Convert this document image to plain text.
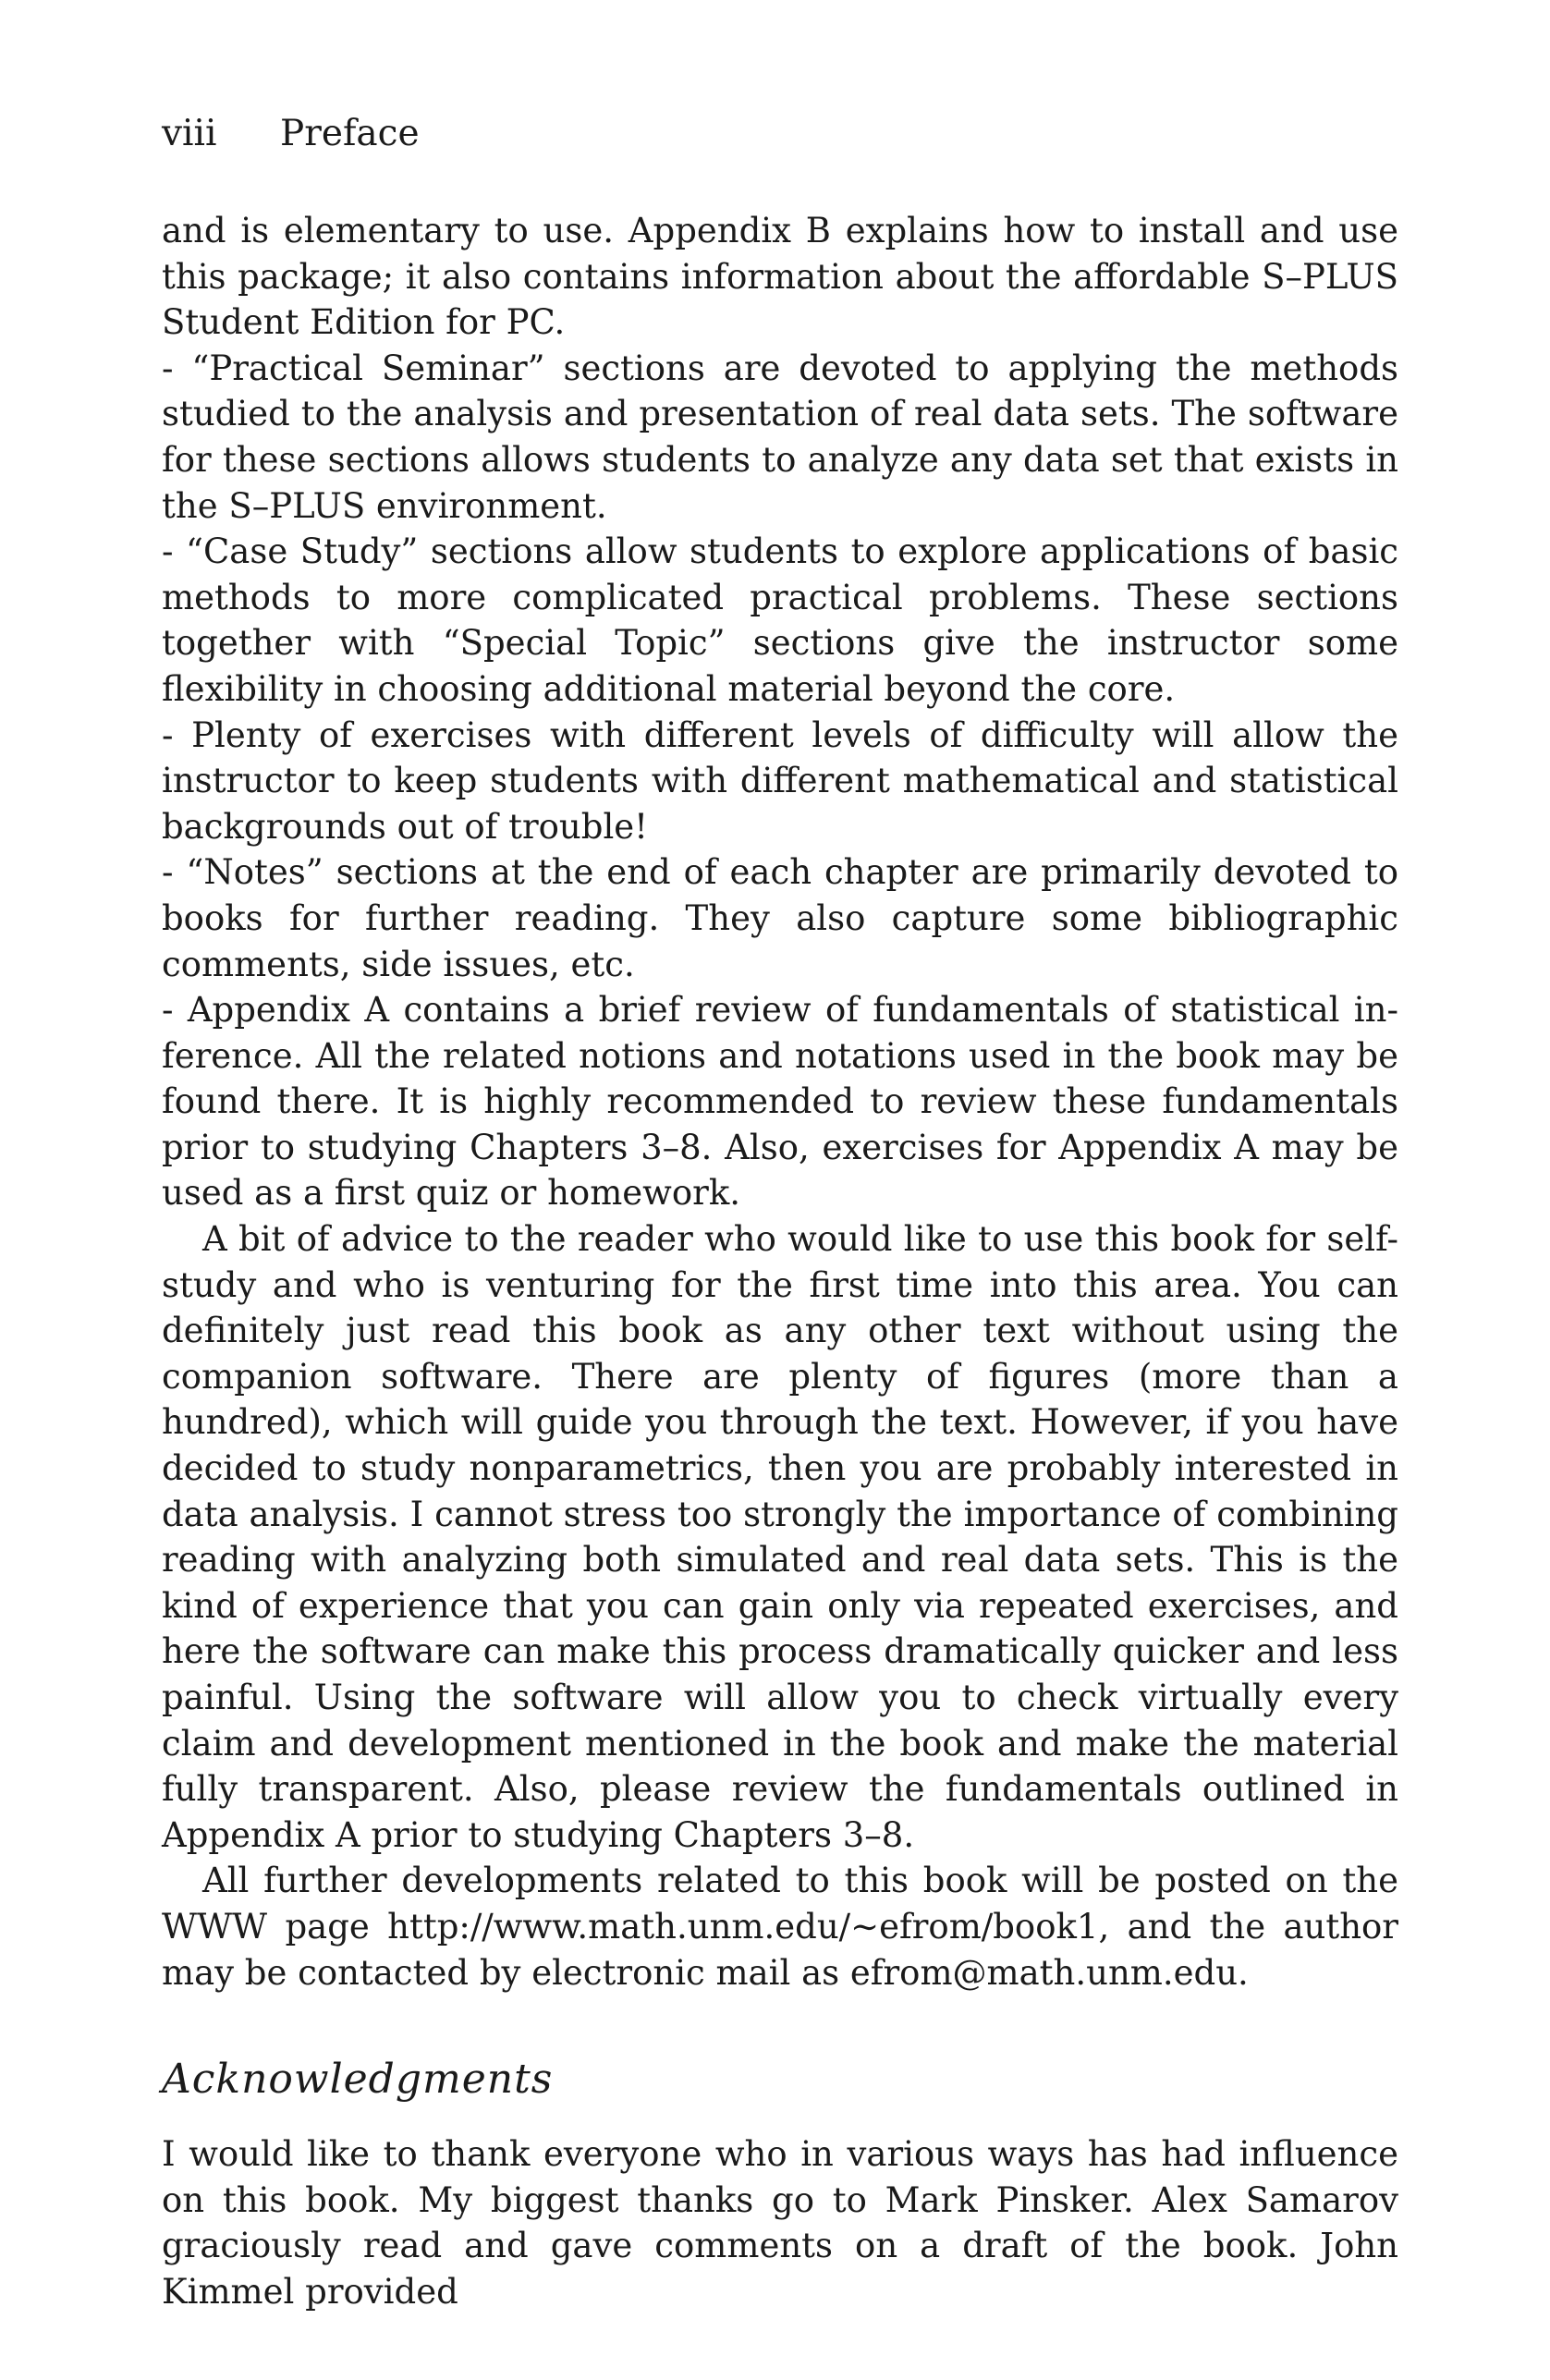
viii Preface

and is elementary to use. Appendix B explains how to install and use this package; it also contains information about the affordable S–PLUS Student Edition for PC.

- “Practical Seminar” sections are devoted to applying the methods studied to the analysis and presentation of real data sets. The software for these sections allows students to analyze any data set that exists in the S–PLUS environment.

- “Case Study” sections allow students to explore applications of basic methods to more complicated practical problems. These sections together with “Special Topic” sections give the instructor some flexibility in choosing additional material beyond the core.

- Plenty of exercises with different levels of difficulty will allow the instructor to keep students with different mathematical and statistical backgrounds out of trouble!

- “Notes” sections at the end of each chapter are primarily devoted to books for further reading. They also capture some bibliographic comments, side issues, etc.

- Appendix A contains a brief review of fundamentals of statistical inference. All the related notions and notations used in the book may be found there. It is highly recommended to review these fundamentals prior to studying Chapters 3–8. Also, exercises for Appendix A may be used as a first quiz or homework.

A bit of advice to the reader who would like to use this book for self-study and who is venturing for the first time into this area. You can definitely just read this book as any other text without using the companion software. There are plenty of figures (more than a hundred), which will guide you through the text. However, if you have decided to study nonparametrics, then you are probably interested in data analysis. I cannot stress too strongly the importance of combining reading with analyzing both simulated and real data sets. This is the kind of experience that you can gain only via repeated exercises, and here the software can make this process dramatically quicker and less painful. Using the software will allow you to check virtually every claim and development mentioned in the book and make the material fully transparent. Also, please review the fundamentals outlined in Appendix A prior to studying Chapters 3–8.

All further developments related to this book will be posted on the WWW page http://www.math.unm.edu/∼efrom/book1, and the author may be contacted by electronic mail as efrom@math.unm.edu.

Acknowledgments

I would like to thank everyone who in various ways has had influence on this book. My biggest thanks go to Mark Pinsker. Alex Samarov graciously read and gave comments on a draft of the book. John Kimmel provided
